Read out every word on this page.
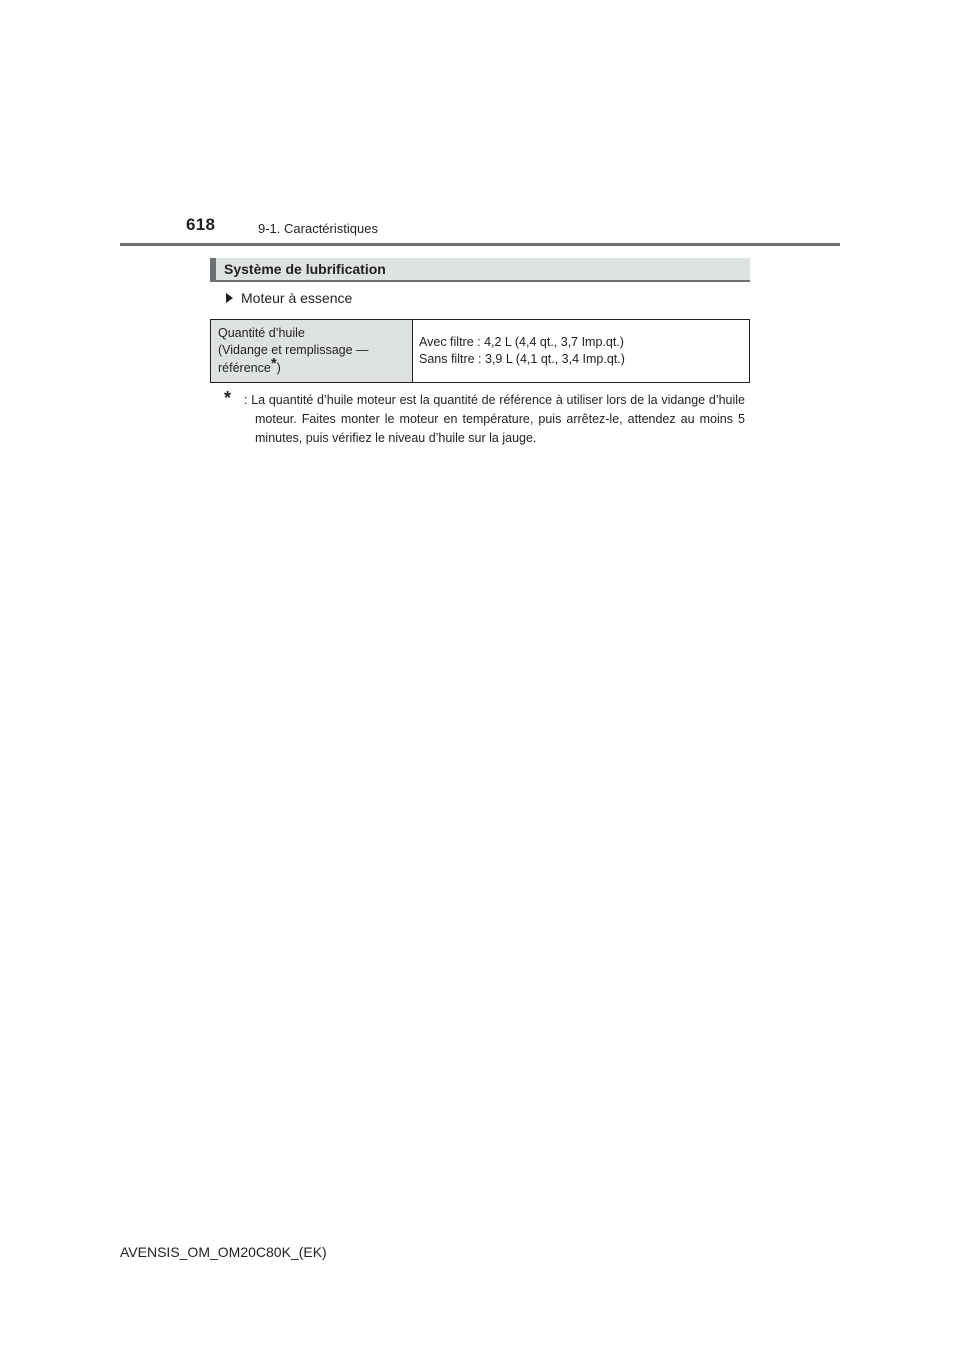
618	9-1. Caractéristiques
Système de lubrification
Moteur à essence
Quantité d’huile
(Vidange et remplissage —
référence*)	Avec filtre : 4,2 L (4,4 qt., 3,7 Imp.qt.)
Sans filtre : 3,9 L (4,1 qt., 3,4 Imp.qt.)
*	: La quantité d’huile moteur est la quantité de référence à utiliser lors de la vidange d’huile moteur. Faites monter le moteur en température, puis arrêtez-le, attendez au moins 5 minutes, puis vérifiez le niveau d’huile sur la jauge.
AVENSIS_OM_OM20C80K_(EK)
